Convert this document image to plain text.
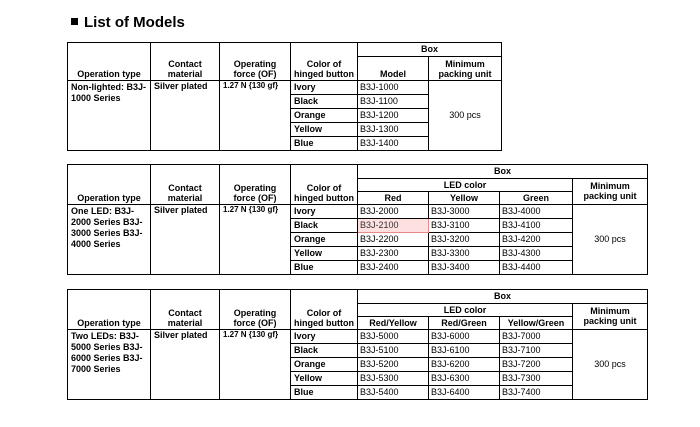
List of Models
Operation type	Contact material	Operating force (OF)	Color of hinged button	Box	
				Model	Minimum packing unit
Non-lighted: B3J-1000 Series	Silver plated	1.27 N {130 gf}	Ivory	B3J-1000	300 pcs
			Black	B3J-1100	
			Orange	B3J-1200	
			Yellow	B3J-1300	
			Blue	B3J-1400	
Operation type	Contact material	Operating force (OF)	Color of hinged button	Box			
				LED color			Minimum packing unit
				Red	Yellow	Green	
One LED: B3J-2000 Series B3J-3000 Series B3J-4000 Series	Silver plated	1.27 N {130 gf}	Ivory	B3J-2000	B3J-3000	B3J-4000	300 pcs
			Black	B3J-2100	B3J-3100	B3J-4100	
			Orange	B3J-2200	B3J-3200	B3J-4200	
			Yellow	B3J-2300	B3J-3300	B3J-4300	
			Blue	B3J-2400	B3J-3400	B3J-4400	
Operation type	Contact material	Operating force (OF)	Color of hinged button	Box			
				LED color			Minimum packing unit
				Red/Yellow	Red/Green	Yellow/Green	
Two LEDs: B3J-5000 Series B3J-6000 Series B3J-7000 Series	Silver plated	1.27 N {130 gf}	Ivory	B3J-5000	B3J-6000	B3J-7000	300 pcs
			Black	B3J-5100	B3J-6100	B3J-7100	
			Orange	B3J-5200	B3J-6200	B3J-7200	
			Yellow	B3J-5300	B3J-6300	B3J-7300	
			Blue	B3J-5400	B3J-6400	B3J-7400	
